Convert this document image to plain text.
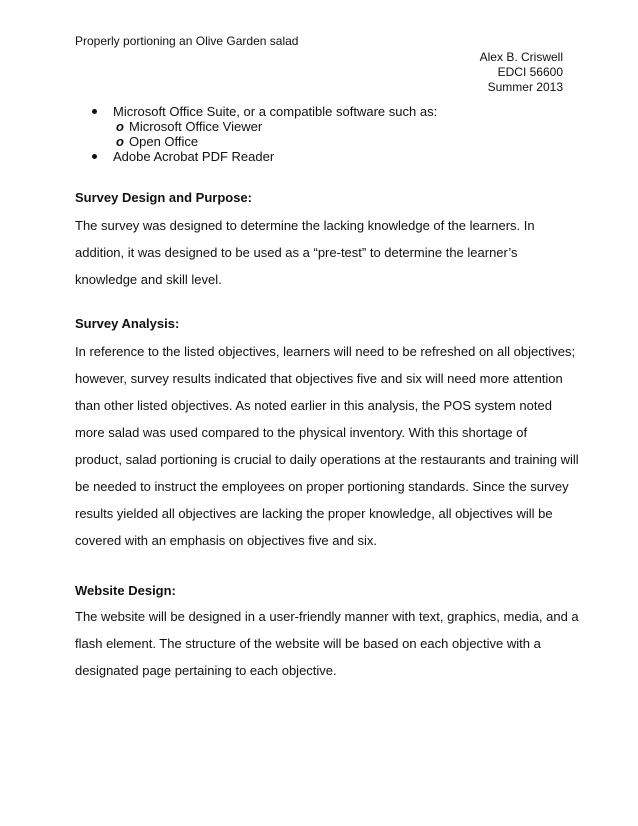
Properly portioning an Olive Garden salad
Alex B. Criswell
EDCI 56600
Summer 2013
Microsoft Office Suite, or a compatible software such as:
o Microsoft Office Viewer
o Open Office
Adobe Acrobat PDF Reader
Survey Design and Purpose:
The survey was designed to determine the lacking knowledge of the learners. In
addition, it was designed to be used as a “pre-test” to determine the learner’s
knowledge and skill level.
Survey Analysis:
In reference to the listed objectives, learners will need to be refreshed on all objectives;
however, survey results indicated that objectives five and six will need more attention
than other listed objectives. As noted earlier in this analysis, the POS system noted
more salad was used compared to the physical inventory. With this shortage of
product, salad portioning is crucial to daily operations at the restaurants and training will
be needed to instruct the employees on proper portioning standards. Since the survey
results yielded all objectives are lacking the proper knowledge, all objectives will be
covered with an emphasis on objectives five and six.
Website Design:
The website will be designed in a user-friendly manner with text, graphics, media, and a
flash element. The structure of the website will be based on each objective with a
designated page pertaining to each objective.
